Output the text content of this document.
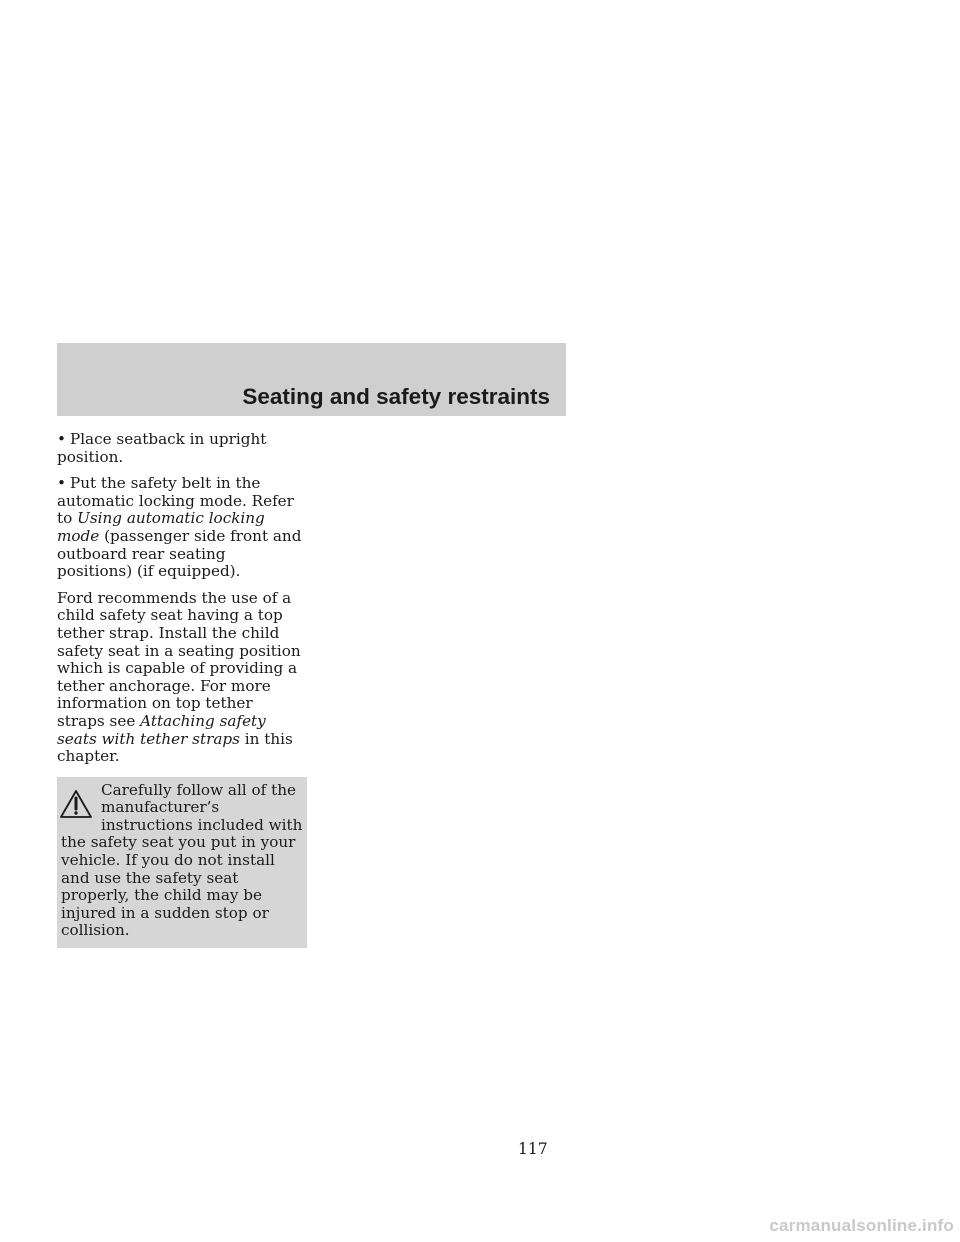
Seating and safety restraints

• Place seatback in upright position.

• Put the safety belt in the automatic locking mode. Refer to Using automatic locking mode (passenger side front and outboard rear seating positions) (if equipped).

Ford recommends the use of a child safety seat having a top tether strap. Install the child safety seat in a seating position which is capable of providing a tether anchorage. For more information on top tether straps see Attaching safety seats with tether straps in this chapter.

Carefully follow all of the manufacturer’s instructions included with the safety seat you put in your vehicle. If you do not install and use the safety seat properly, the child may be injured in a sudden stop or collision.
117
carmanualsonline.info
